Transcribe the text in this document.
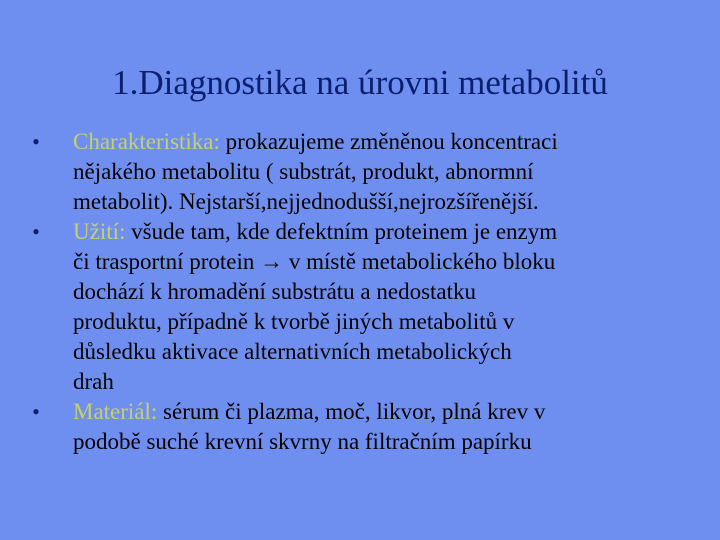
1.Diagnostika na úrovni metabolitů
• Charakteristika: prokazujeme změněnou koncentraci
nějakého metabolitu ( substrát, produkt, abnormní
metabolit). Nejstarší,nejjednodušší,nejrozšířenější.
• Užití: všude tam, kde defektním proteinem je enzym
či trasportní protein → v místě metabolického bloku
dochází k hromadění substrátu a nedostatku
produktu, případně k tvorbě jiných metabolitů v
důsledku aktivace alternativních metabolických
drah
• Materiál: sérum či plazma, moč, likvor, plná krev v
podobě suché krevní skvrny na filtračním papírku
